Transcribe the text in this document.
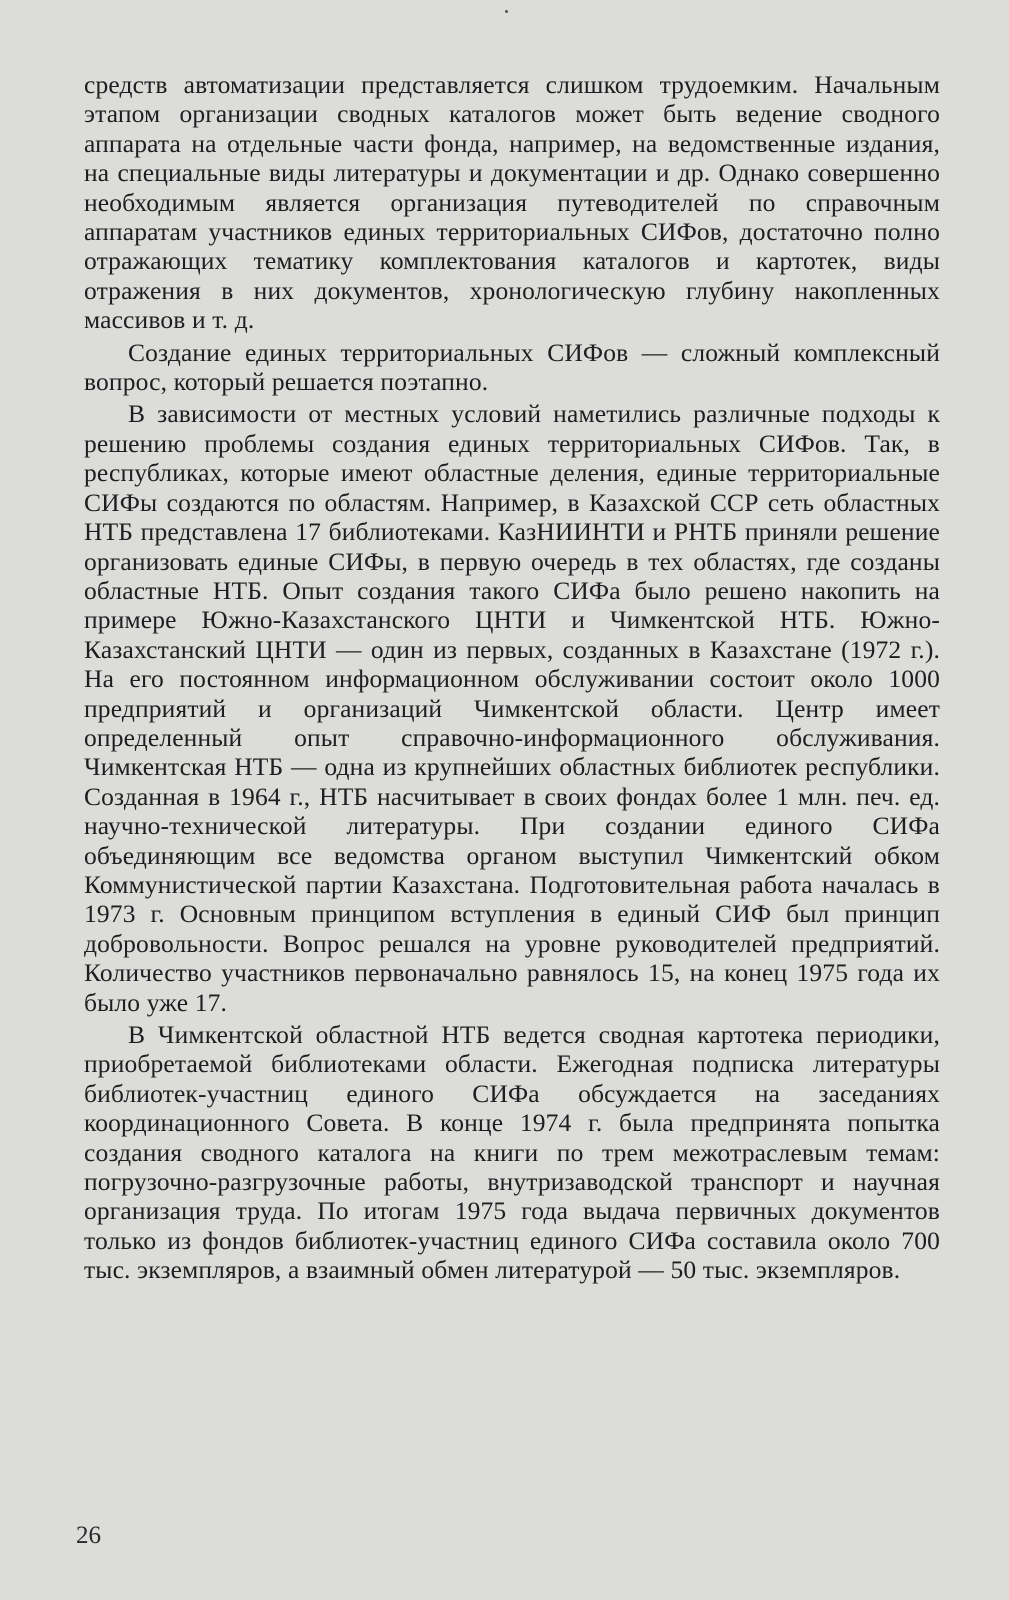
средств автоматизации представляется слишком трудоемким. Начальным этапом организации сводных каталогов может быть ведение сводного аппарата на отдельные части фонда, например, на ведомственные издания, на специальные виды литературы и документации и др. Однако совершенно необходимым является организация путеводителей по справочным аппаратам участников единых территориальных СИФов, достаточно полно отражающих тематику комплектования каталогов и картотек, виды отражения в них документов, хронологическую глубину накопленных массивов и т. д.

Создание единых территориальных СИФов — сложный комплексный вопрос, который решается поэтапно.

В зависимости от местных условий наметились различные подходы к решению проблемы создания единых территориальных СИФов. Так, в республиках, которые имеют областные деления, единые территориальные СИФы создаются по областям. Например, в Казахской ССР сеть областных НТБ представлена 17 библиотеками. КазНИИНТИ и РНТБ приняли решение организовать единые СИФы, в первую очередь в тех областях, где созданы областные НТБ. Опыт создания такого СИФа было решено накопить на примере Южно-Казахстанского ЦНТИ и Чимкентской НТБ. Южно-Казахстанский ЦНТИ — один из первых, созданных в Казахстане (1972 г.). На его постоянном информационном обслуживании состоит около 1000 предприятий и организаций Чимкентской области. Центр имеет определенный опыт справочно-информационного обслуживания. Чимкентская НТБ — одна из крупнейших областных библиотек республики. Созданная в 1964 г., НТБ насчитывает в своих фондах более 1 млн. печ. ед. научно-технической литературы. При создании единого СИФа объединяющим все ведомства органом выступил Чимкентский обком Коммунистической партии Казахстана. Подготовительная работа началась в 1973 г. Основным принципом вступления в единый СИФ был принцип добровольности. Вопрос решался на уровне руководителей предприятий. Количество участников первоначально равнялось 15, на конец 1975 года их было уже 17.

В Чимкентской областной НТБ ведется сводная картотека периодики, приобретаемой библиотеками области. Ежегодная подписка литературы библиотек-участниц единого СИФа обсуждается на заседаниях координационного Совета. В конце 1974 г. была предпринята попытка создания сводного каталога на книги по трем межотраслевым темам: погрузочно-разгрузочные работы, внутризаводской транспорт и научная организация труда. По итогам 1975 года выдача первичных документов только из фондов библиотек-участниц единого СИФа составила около 700 тыс. экземпляров, а взаимный обмен литературой — 50 тыс. экземпляров.

26
